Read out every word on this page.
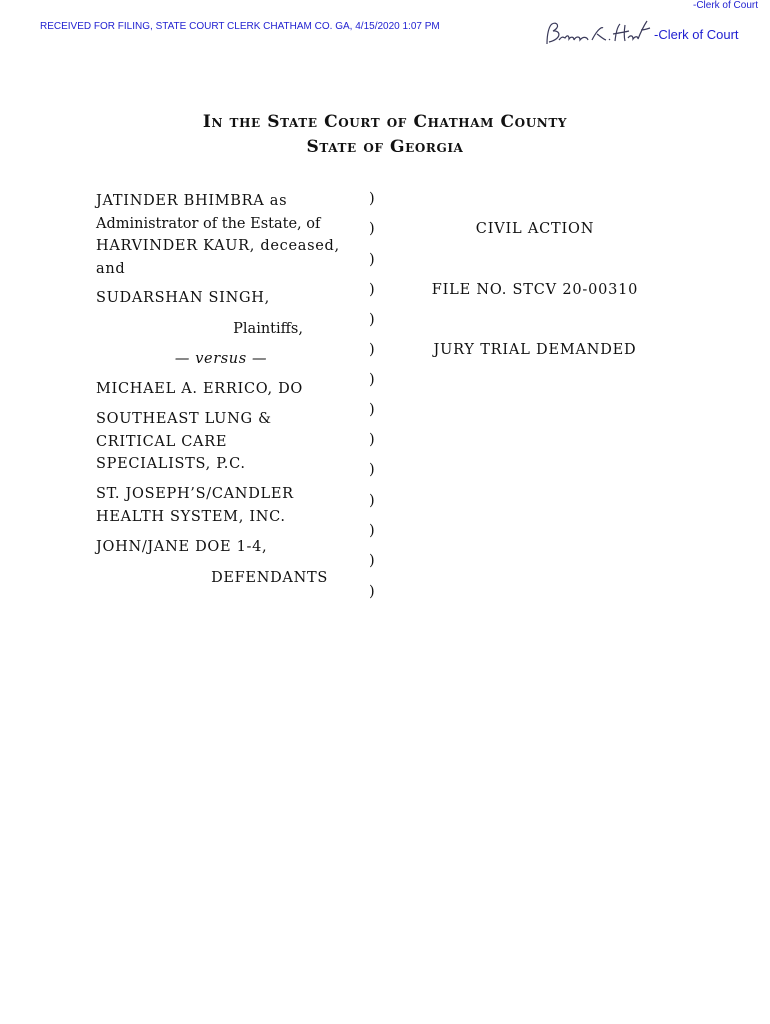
-Clerk of Court
RECEIVED FOR FILING, STATE COURT CLERK CHATHAM CO. GA, 4/15/2020 1:07 PM
-Clerk of Court
In the State Court of Chatham County
State of Georgia
JATINDER BHIMBRA as
Administrator of the Estate, of
HARVINDER KAUR, deceased,
and
SUDARSHAN SINGH,
Plaintiffs,
— versus —
MICHAEL A. ERRICO, DO
SOUTHEAST LUNG &
CRITICAL CARE
SPECIALISTS, P.C.
ST. JOSEPH’S/CANDLER
HEALTH SYSTEM, INC.
JOHN/JANE DOE 1-4,
DEFENDANTS
)
)
)
)
)
)
)
)
)
)
)
)
)
)
CIVIL ACTION
FILE NO. STCV 20-00310
JURY TRIAL DEMANDED
